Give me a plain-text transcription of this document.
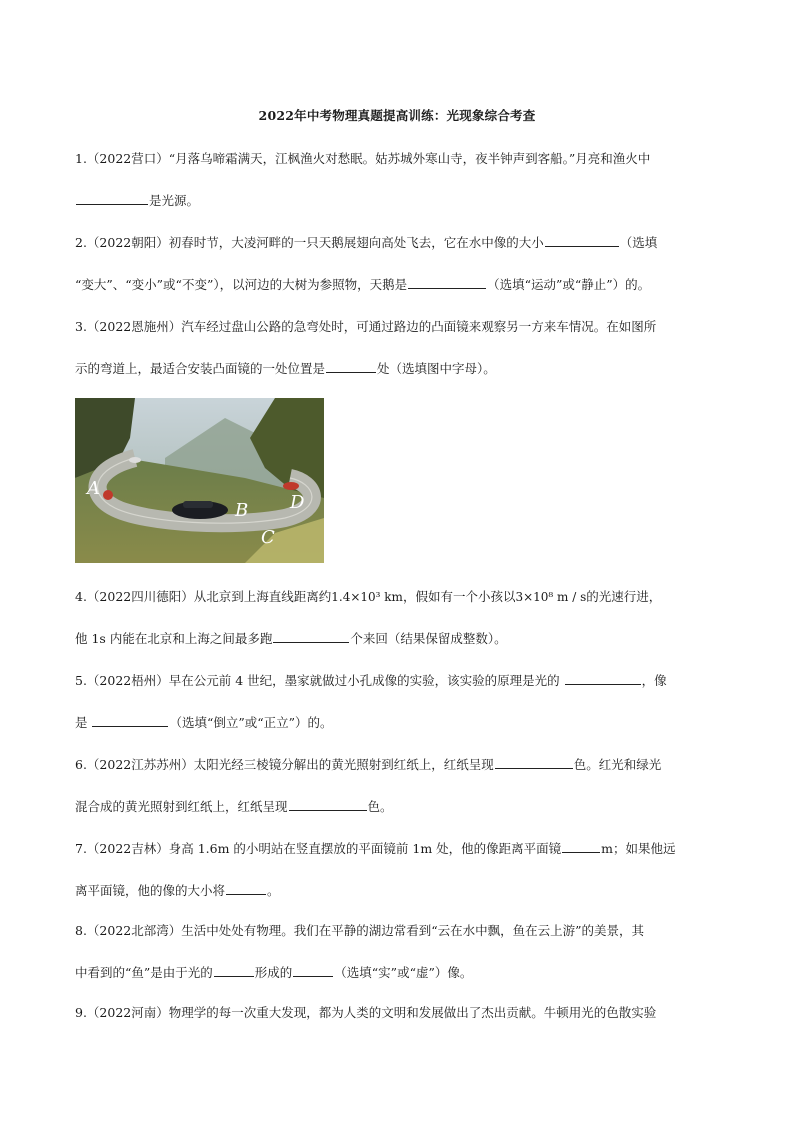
2022年中考物理真题提高训练：光现象综合考查
1.（2022营口）“月落乌啼霜满天，江枫渔火对愁眠。姑苏城外寒山寺，夜半钟声到客船。”月亮和渔火中
是光源。
2.（2022朝阳）初春时节，大凌河畔的一只天鹅展翅向高处飞去，它在水中像的大小	（选填
“变大”、“变小”或“不变”），以河边的大树为参照物，天鹅是	（选填“运动”或“静止”）的。
3.（2022恩施州）汽车经过盘山公路的急弯处时，可通过路边的凸面镜来观察另一方来车情况。在如图所
示的弯道上，最适合安装凸面镜的一处位置是	处（选填图中字母）。
A
B
C
D
4.（2022四川德阳）从北京到上海直线距离约1.4×10³ km，假如有一个小孩以3×10⁸ m / s的光速行进，
他 1s 内能在北京和上海之间最多跑	个来回（结果保留成整数）。
5.（2022梧州）早在公元前 4 世纪，墨家就做过小孔成像的实验，该实验的原理是光的	，像
是	（选填“倒立”或“正立”）的。
6.（2022江苏苏州）太阳光经三棱镜分解出的黄光照射到红纸上，红纸呈现	色。红光和绿光
混合成的黄光照射到红纸上，红纸呈现	色。
7.（2022吉林）身高 1.6m 的小明站在竖直摆放的平面镜前 1m 处，他的像距离平面镜	m；如果他远
离平面镜，他的像的大小将	。
8.（2022北部湾）生活中处处有物理。我们在平静的湖边常看到“云在水中飘，鱼在云上游”的美景，其
中看到的“鱼”是由于光的	形成的	（选填“实”或“虚”）像。
9.（2022河南）物理学的每一次重大发现，都为人类的文明和发展做出了杰出贡献。牛顿用光的色散实验
